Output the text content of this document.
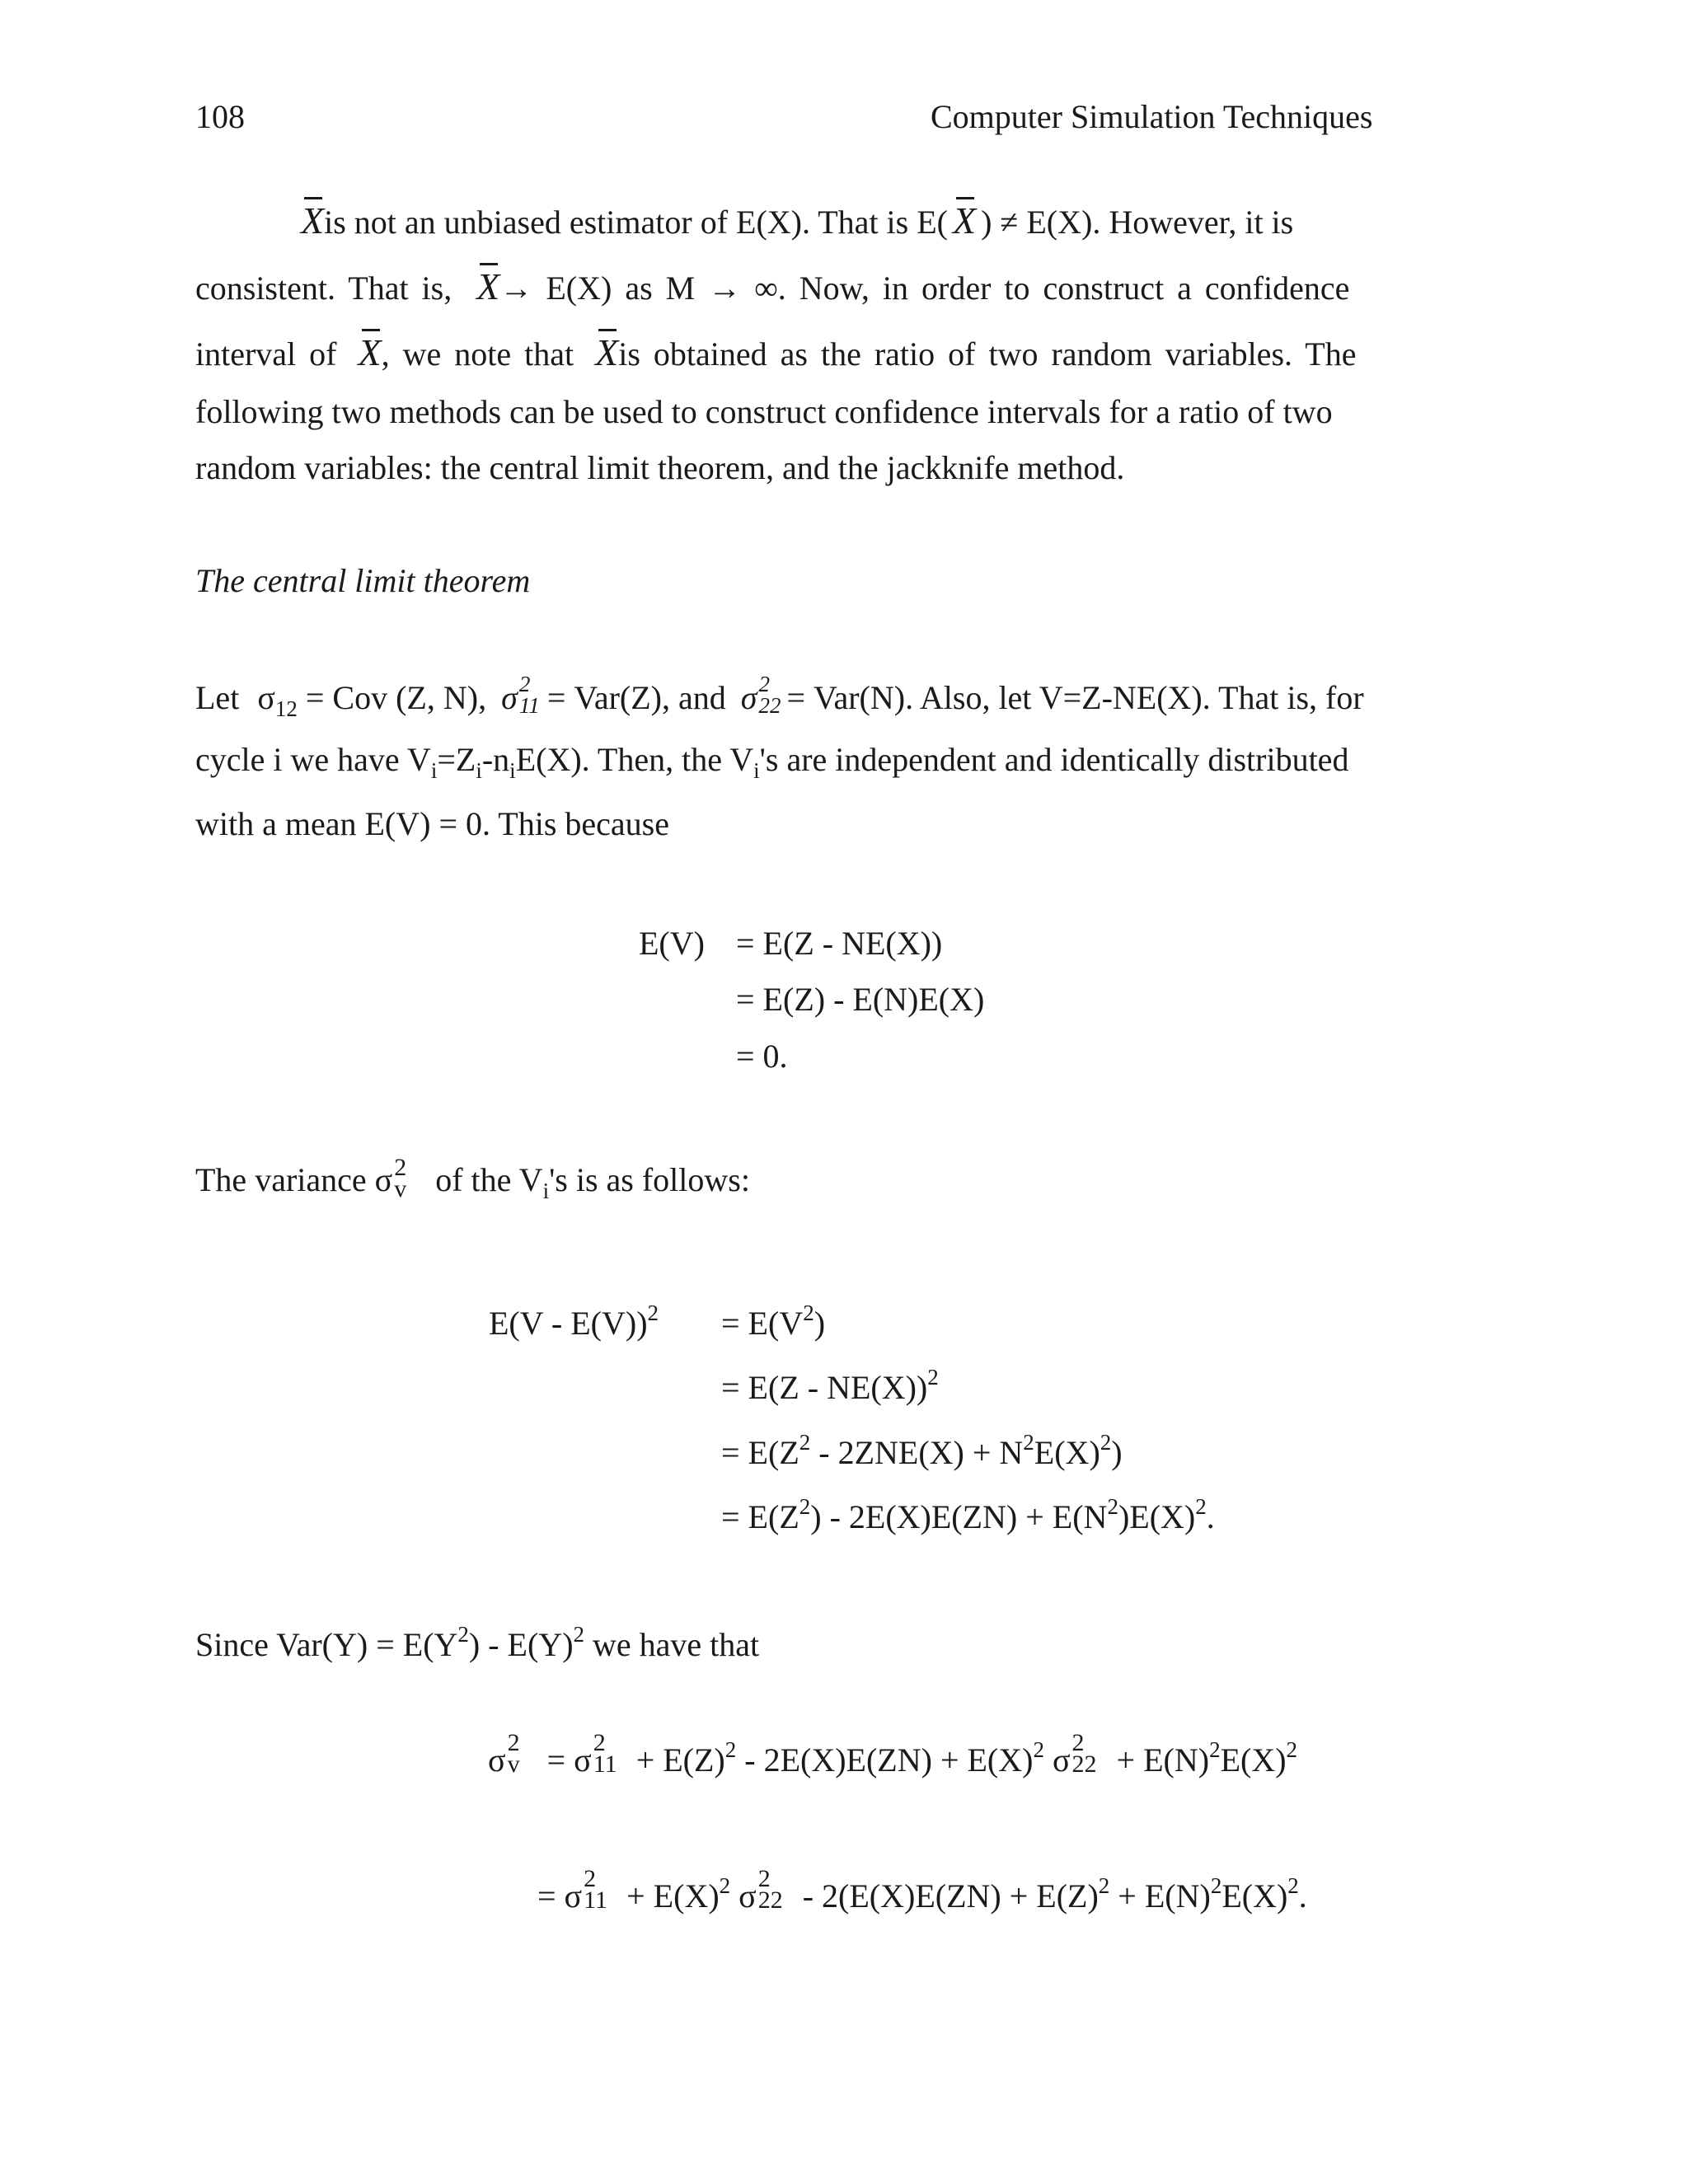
108	Computer Simulation Techniques
Xis not an unbiased estimator of E(X). That is E( X ) ≠ E(X). However, it is
consistent. That is, X→ E(X) as M → ∞. Now, in order to construct a confidence
interval of X, we note that Xis obtained as the ratio of two random variables. The
following two methods can be used to construct confidence intervals for a ratio of two
random variables: the central limit theorem, and the jackknife method.
The central limit theorem
Let $\sigma_{12}$ = Cov (Z, N), σ 2
11 = Var(Z), and σ 2
22 = Var(N). Also, let V=Z-NE(X). That is, for
cycle i we have $V_i=Z_i-n_iE(X)$. Then, the $V_i's$ are independent and identically distributed
with a mean E(V) = 0. This because
E(V) = E(Z - NE(X))
= E(Z) - E(N)E(X)
= 0.
The variance σ 2
v of the $V_i's$ is as follows:
$E(V - E(V))^2 = E(V^2)$
= E(Z - NE(X))$^2$
= $E(Z^2 - 2ZNE(X) + N^2E(X)^2)$
= $E(Z^2) - 2E(X)E(ZN) + E(N^2)E(X)^2$.
Since $Var(Y) = E(Y^2) - E(Y)^2$ we have that
σ 2
v = σ 2
$11 + E(Z)^2 - 2E(X)E(ZN) + E(X)^2$ σ 2
$22 + E(N)^2E(X)^2$
= σ 2
$11 + E(X)^2$ σ 2
$22 - 2(E(X)E(ZN) + E(Z)^2 + E(N)^2E(X)^2$.
